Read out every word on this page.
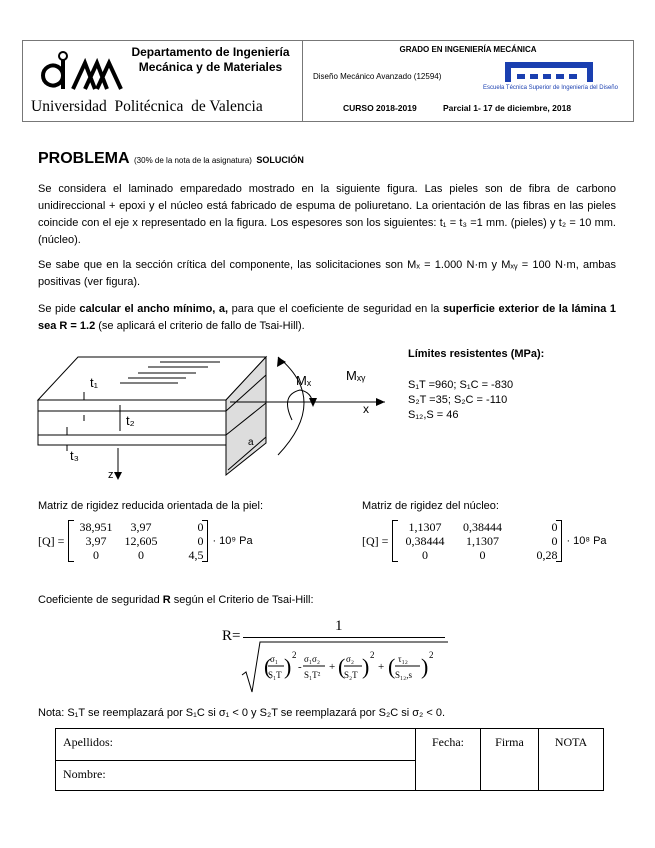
Departamento de Ingeniería Mecánica y de Materiales
Universidad  Politécnica  de Valencia
GRADO EN INGENIERÍA MECÁNICA
Diseño Mecánico Avanzado (12594)
Escuela Técnica Superior de Ingeniería del Diseño
CURSO 2018-2019	Parcial 1- 17 de diciembre, 2018
PROBLEMA (30% de la nota de la asignatura) SOLUCIÓN
Se considera el laminado emparedado mostrado en la siguiente figura. Las pieles son de fibra de carbono unidireccional + epoxi y el núcleo está fabricado de espuma de poliuretano. La orientación de las fibras en las pieles coincide con el eje x representado en la figura. Los espesores son los siguientes: t₁ = t₃ =1 mm. (pieles) y t₂ = 10 mm. (núcleo).
Se sabe que en la sección crítica del componente, las solicitaciones son Mₓ = 1.000 N·m y Mₓᵧ = 100 N·m, ambas positivas (ver figura).
Se pide calcular el ancho mínimo, a, para que el coeficiente de seguridad en la superficie exterior de la lámina 1 sea R = 1.2 (se aplicará el criterio de fallo de Tsai-Hill).
t₁
t₂
t₃
z
a
x
Mₓ	Mₓᵧ
Límites resistentes (MPa):
S₁T =960; S₁C = -830
S₂T =35; S₂C = -110
S₁₂,S = 46
Matriz de rigidez reducida orientada de la piel:
[Q] =
38,951	3,97	0
3,97	12,605	0
0	0	4,5
· 10⁹ Pa
Matriz de rigidez del núcleo:
[Q] =
1,1307	0,38444	0
0,38444	1,1307	0
0	0	0,28
· 10⁸ Pa
Coeficiente de seguridad R según el Criterio de Tsai-Hill:
R=
1
(
σ₁
S₁T ) 2
-
σ₁σ₂
S₁T²
+ ( σ₂
S₂T ) 2
+ ( τ₁₂
S₁₂,s ) 2
Nota: S₁T se reemplazará por S₁C si σ₁ < 0 y S₂T se reemplazará por S₂C si σ₂ < 0.
Apellidos:	Fecha:	Firma	NOTA
Nombre:
